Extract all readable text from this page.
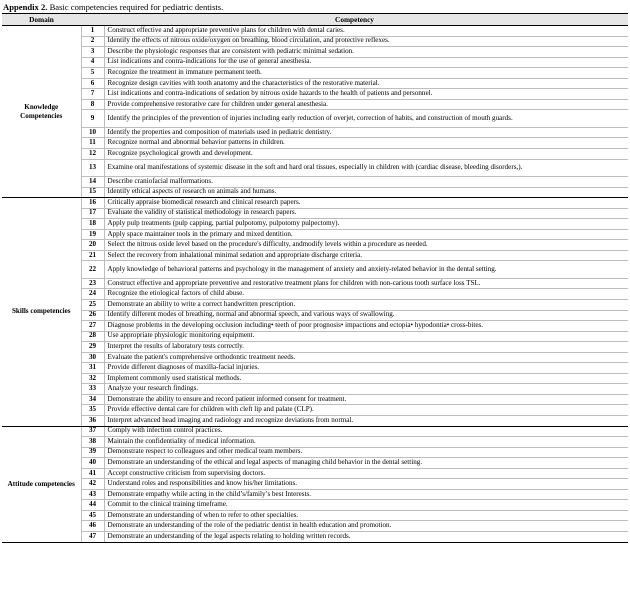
Appendix 2. Basic competencies required for pediatric dentists.
Domain	Competency	
Knowledge Competencies	1	Construct effective and appropriate preventive plans for children with dental caries.
	2	Identify the effects of nitrous oxide/oxygen on breathing, blood circulation, and protective reflexes.
	3	Describe the physiologic responses that are consistent with pediatric minimal sedation.
	4	List indications and contra-indications for the use of general anesthesia.
	5	Recognize the treatment in immature permanent teeth.
	6	Recognize design cavities with tooth anatomy and the characteristics of the restorative material.
	7	List indications and contra-indications of sedation by nitrous oxide hazards to the health of patients and personnel.
	8	Provide comprehensive restorative care for children under general anesthesia.
	9	Identify the principles of the prevention of injuries including early reduction of overjet, correction of habits, and construction of mouth guards.
	10	Identify the properties and composition of materials used in pediatric dentistry.
	11	Recognize normal and abnormal behavior patterns in children.
	12	Recognize psychological growth and development.
	13	Examine oral manifestations of systemic disease in the soft and hard oral tissues, especially in children with (cardiac disease, bleeding disorders,).
	14	Describe craniofacial malformations.
	15	Identify ethical aspects of research on animals and humans.
Skills competencies	16	Critically appraise biomedical research and clinical research papers.
	17	Evaluate the validity of statistical methodology in research papers.
	18	Apply pulp treatments (pulp capping, partial pulpotomy, pulpotomy pulpectomy).
	19	Apply space maintainer tools in the primary and mixed dentition.
	20	Select the nitrous oxide level based on the procedure's difficulty, andmodify levels within a procedure as needed.
	21	Select the recovery from inhalational minimal sedation and appropriate discharge criteria.
	22	Apply knowledge of behavioral patterns and psychology in the management of anxiety and anxiety-related behavior in the dental setting.
	23	Construct effective and appropriate preventive and restorative treatment plans for children with non-carious tooth surface loss TSL.
	24	Recognize the etiological factors of child abuse.
	25	Demonstrate an ability to write a correct handwritten prescription.
	26	Identify different modes of breathing, normal and abnormal speech, and various ways of swallowing.
	27	Diagnose problems in the developing occlusion including• teeth of poor prognosis• impactions and ectopia• hypodontia• cross-bites.
	28	Use appropriate physiologic monitoring equipment.
	29	Interpret the results of laboratory tests correctly.
	30	Evaluate the patient's comprehensive orthodontic treatment needs.
	31	Provide different diagnoses of maxilla-facial injuries.
	32	Implement commonly used statistical methods.
	33	Analyze your research findings.
	34	Demonstrate the ability to ensure and record patient informed consent for treatment.
	35	Provide effective dental care for children with cleft lip and palate (CLP).
	36	Interpret advanced head imaging and radiology and recognize deviations from normal.
Attitude competencies	37	Comply with infection control practices.
	38	Maintain the confidentiality of medical information.
	39	Demonstrate respect to colleagues and other medical team members.
	40	Demonstrate an understanding of the ethical and legal aspects of managing child behavior in the dental setting.
	41	Accept constructive criticism from supervising doctors.
	42	Understand roles and responsibilities and know his/her limitations.
	43	Demonstrate empathy while acting in the child’s/family’s best Interests.
	44	Commit to the clinical training timeframe.
	45	Demonstrate an understanding of when to refer to other specialties.
	46	Demonstrate an understanding of the role of the pediatric dentist in health education and promotion.
	47	Demonstrate an understanding of the legal aspects relating to holding written records.
